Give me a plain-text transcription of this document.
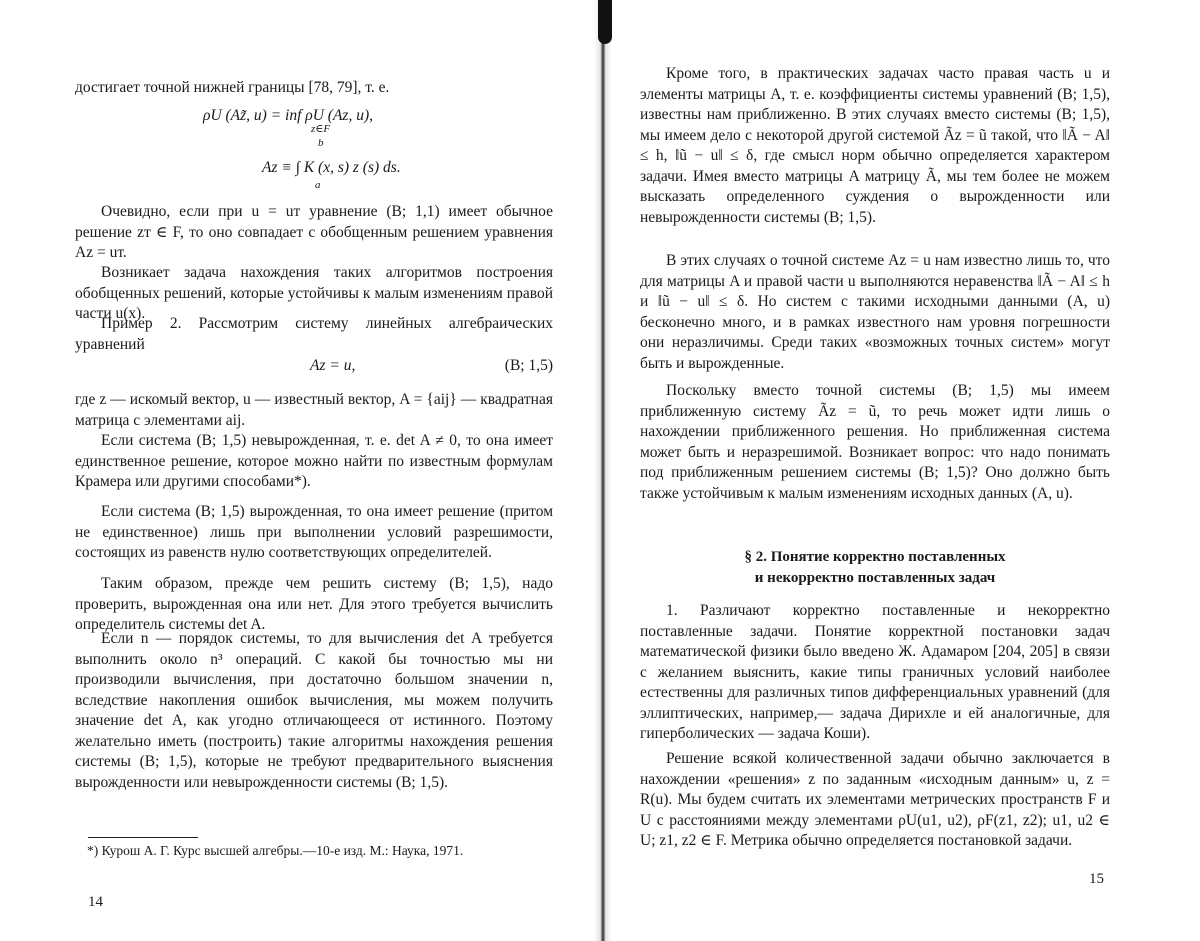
достигает точной нижней границы [78, 79], т. е.

ρU (Az̃, u) = inf ρU (Az, u),
z∈F
b
Az ≡ ∫ K (x, s) z (s) ds.
a

Очевидно, если при u = uт уравнение (В; 1,1) имеет обычное решение zт ∈ F, то оно совпадает с обобщенным решением уравнения Az = uт.

Возникает задача нахождения таких алгоритмов построения обобщенных решений, которые устойчивы к малым изменениям правой части u(x).

Пример 2. Рассмотрим систему линейных алгебраических уравнений

Az = u,	(В; 1,5)

где z — искомый вектор, u — известный вектор, A = {aij} — квадратная матрица с элементами aij.

Если система (В; 1,5) невырожденная, т. е. det A ≠ 0, то она имеет единственное решение, которое можно найти по известным формулам Крамера или другими способами*).

Если система (В; 1,5) вырожденная, то она имеет решение (притом не единственное) лишь при выполнении условий разрешимости, состоящих из равенств нулю соответствующих определителей.

Таким образом, прежде чем решить систему (В; 1,5), надо проверить, вырожденная она или нет. Для этого требуется вычислить определитель системы det A.

Если n — порядок системы, то для вычисления det A требуется выполнить около n³ операций. С какой бы точностью мы ни производили вычисления, при достаточно большом значении n, вследствие накопления ошибок вычисления, мы можем получить значение det A, как угодно отличающееся от истинного. Поэтому желательно иметь (построить) такие алгоритмы нахождения решения системы (В; 1,5), которые не требуют предварительного выяснения вырожденности или невырожденности системы (В; 1,5).

*) Курош А. Г. Курс высшей алгебры.—10-е изд. М.: Наука, 1971.

14

Кроме того, в практических задачах часто правая часть u и элементы матрицы A, т. е. коэффициенты системы уравнений (В; 1,5), известны нам приближенно. В этих случаях вместо системы (В; 1,5), мы имеем дело с некоторой другой системой Ãz = ũ такой, что ‖Ã − A‖ ≤ h, ‖ũ − u‖ ≤ δ, где смысл норм обычно определяется характером задачи. Имея вместо матрицы A матрицу Ã, мы тем более не можем высказать определенного суждения о вырожденности или невырожденности системы (В; 1,5).

В этих случаях о точной системе Az = u нам известно лишь то, что для матрицы A и правой части u выполняются неравенства ‖Ã − A‖ ≤ h и ‖ũ − u‖ ≤ δ. Но систем с такими исходными данными (A, u) бесконечно много, и в рамках известного нам уровня погрешности они неразличимы. Среди таких «возможных точных систем» могут быть и вырожденные.

Поскольку вместо точной системы (В; 1,5) мы имеем приближенную систему Ãz = ũ, то речь может идти лишь о нахождении приближенного решения. Но приближенная система может быть и неразрешимой. Возникает вопрос: что надо понимать под приближенным решением системы (В; 1,5)? Оно должно быть также устойчивым к малым изменениям исходных данных (A, u).

§ 2. Понятие корректно поставленных
и некорректно поставленных задач

1. Различают корректно поставленные и некорректно поставленные задачи. Понятие корректной постановки задач математической физики было введено Ж. Адамаром [204, 205] в связи с желанием выяснить, какие типы граничных условий наиболее естественны для различных типов дифференциальных уравнений (для эллиптических, например,— задача Дирихле и ей аналогичные, для гиперболических — задача Коши).

Решение всякой количественной задачи обычно заключается в нахождении «решения» z по заданным «исходным данным» u, z = R(u). Мы будем считать их элементами метрических пространств F и U с расстояниями между элементами ρU(u1, u2), ρF(z1, z2); u1, u2 ∈ U; z1, z2 ∈ F. Метрика обычно определяется постановкой задачи.

15
